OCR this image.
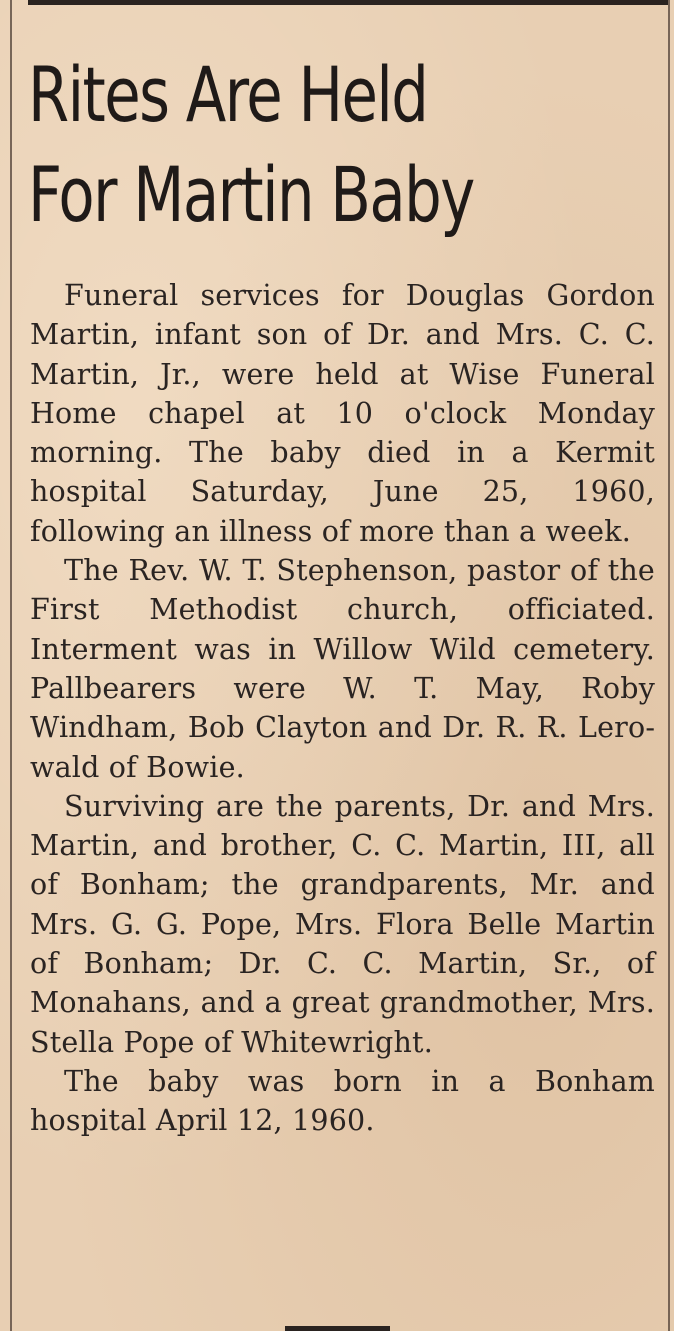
Rites Are Held
For Martin Baby

Funeral services for Douglas Gordon Martin, infant son of Dr. and Mrs. C. C. Martin, Jr., were held at Wise Funeral Home chapel at 10 o'clock Monday morning. The baby died in a Kermit hospital Saturday, June 25, 1960, following an illness of more than a week.

The Rev. W. T. Stephenson, pastor of the First Methodist church, officiated. Interment was in Willow Wild cemetery. Pallbearers were W. T. May, Roby Windham, Bob Clayton and Dr. R. R. Lerowald of Bowie.

Surviving are the parents, Dr. and Mrs. Martin, and brother, C. C. Martin, III, all of Bonham; the grandparents, Mr. and Mrs. G. G. Pope, Mrs. Flora Belle Martin of Bonham; Dr. C. C. Martin, Sr., of Monahans, and a great grandmother, Mrs. Stella Pope of Whitewright.

The baby was born in a Bonham hospital April 12, 1960.
